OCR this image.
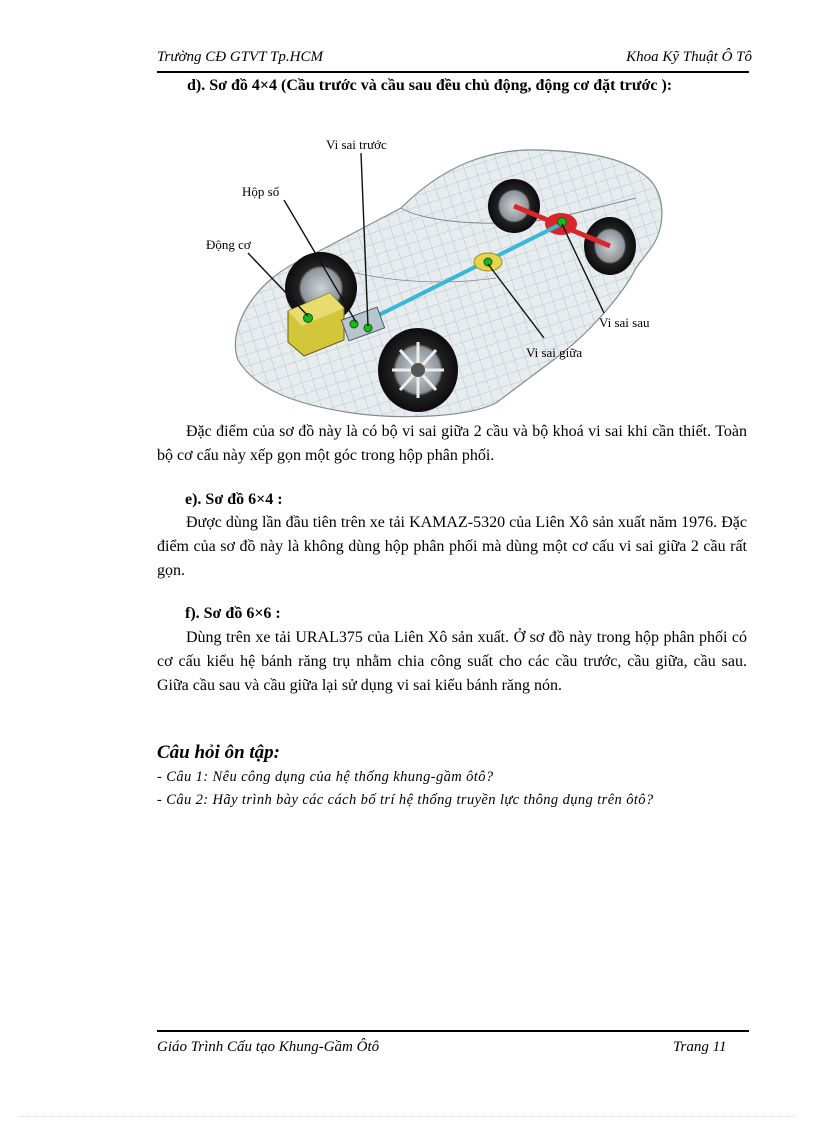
Trường CĐ GTVT Tp.HCM	Khoa Kỹ Thuật Ô Tô
d). Sơ đồ 4×4 (Cầu trước và cầu sau đều chủ động, động cơ đặt trước ):
Vi sai trước
Hộp số
Động cơ
Vi sai sau
Vi sai giữa
Đặc điểm của sơ đồ này là có bộ vi sai giữa 2 cầu và bộ khoá vi sai khi cần thiết. Toàn bộ cơ cấu này xếp gọn một góc trong hộp phân phối.
e). Sơ đồ 6×4 :
Được dùng lần đầu tiên trên xe tải KAMAZ-5320 của Liên Xô sản xuất năm 1976. Đặc điểm của sơ đồ này là không dùng hộp phân phối mà dùng một cơ cấu vi sai giữa 2 cầu rất gọn.
f). Sơ đồ 6×6 :
Dùng trên xe tải URAL375 của Liên Xô sản xuất. Ở sơ đồ này trong hộp phân phối có cơ cấu kiểu hệ bánh răng trụ nhằm chia công suất cho các cầu trước, cầu giữa, cầu sau. Giữa cầu sau và cầu giữa lại sử dụng vi sai kiểu bánh răng nón.
Câu hỏi ôn tập:
- Câu 1: Nêu công dụng của hệ thống khung-gầm ôtô?
- Câu 2: Hãy trình bày các cách bố trí hệ thống truyền lực thông dụng trên ôtô?
Giáo Trình Cấu tạo Khung-Gầm Ôtô	Trang 11
